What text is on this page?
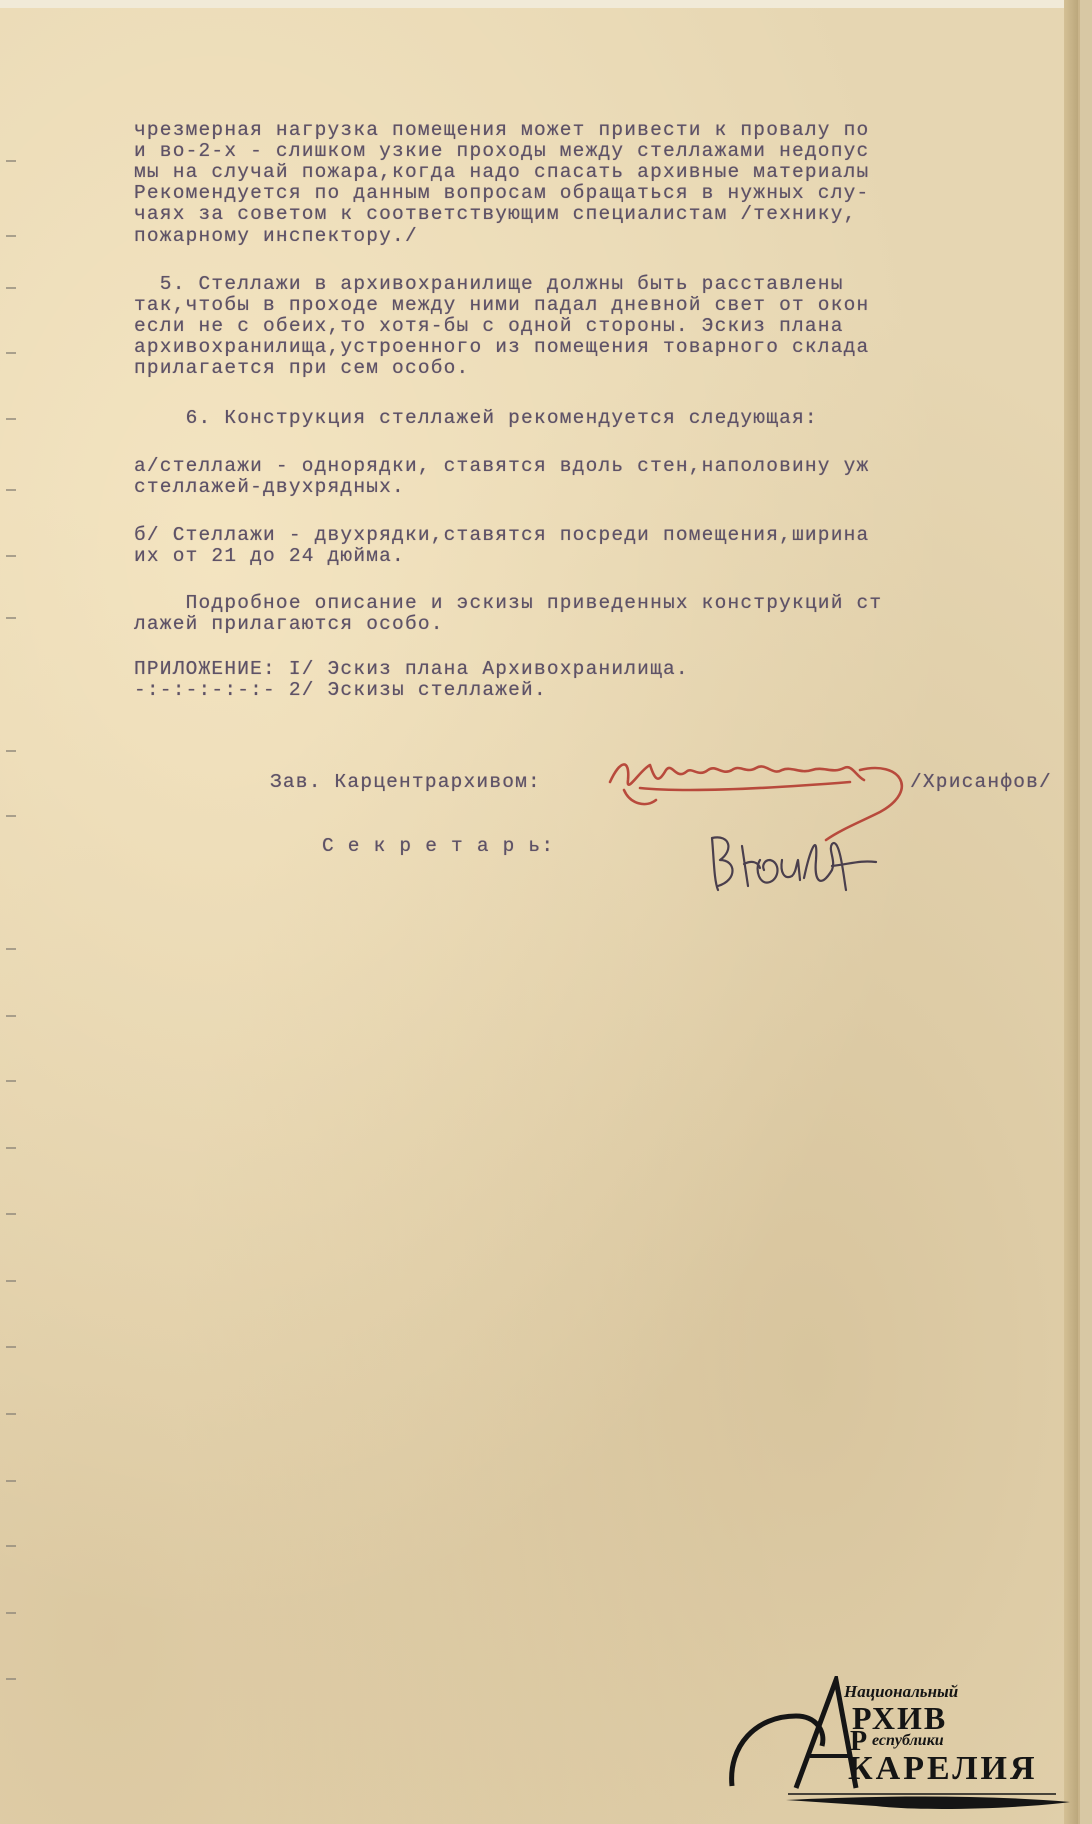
чрезмерная нагрузка помещения может привести к провалу по
и во-2-х - слишком узкие проходы между стеллажами недопус
мы на случай пожара,когда надо спасать архивные материалы
Рекомендуется по данным вопросам обращаться в нужных слу-
чаях за советом к соответствующим специалистам /технику,
пожарному инспектору./
5. Стеллажи в архивохранилище должны быть расставлены
так,чтобы в проходе между ними падал дневной свет от окон
если не с обеих,то хотя-бы с одной стороны. Эскиз плана
архивохранилища,устроенного из помещения товарного склада
прилагается при сем особо.
6. Конструкция стеллажей рекомендуется следующая:
а/стеллажи - однорядки, ставятся вдоль стен,наполовину уж
стеллажей-двухрядных.
б/ Стеллажи - двухрядки,ставятся посреди помещения,ширина
их от 21 до 24 дюйма.
Подробное описание и эскизы приведенных конструкций ст
лажей прилагаются особо.
ПРИЛОЖЕНИЕ: I/ Эскиз плана Архивохранилища.
-:-:-:-:-:- 2/ Эскизы стеллажей.
Зав. Карцентрархивом:	/Хрисанфов/
С е к р е т а р ь:
Национальный
РХИВ
Р еспублики
КАРЕЛИЯ
